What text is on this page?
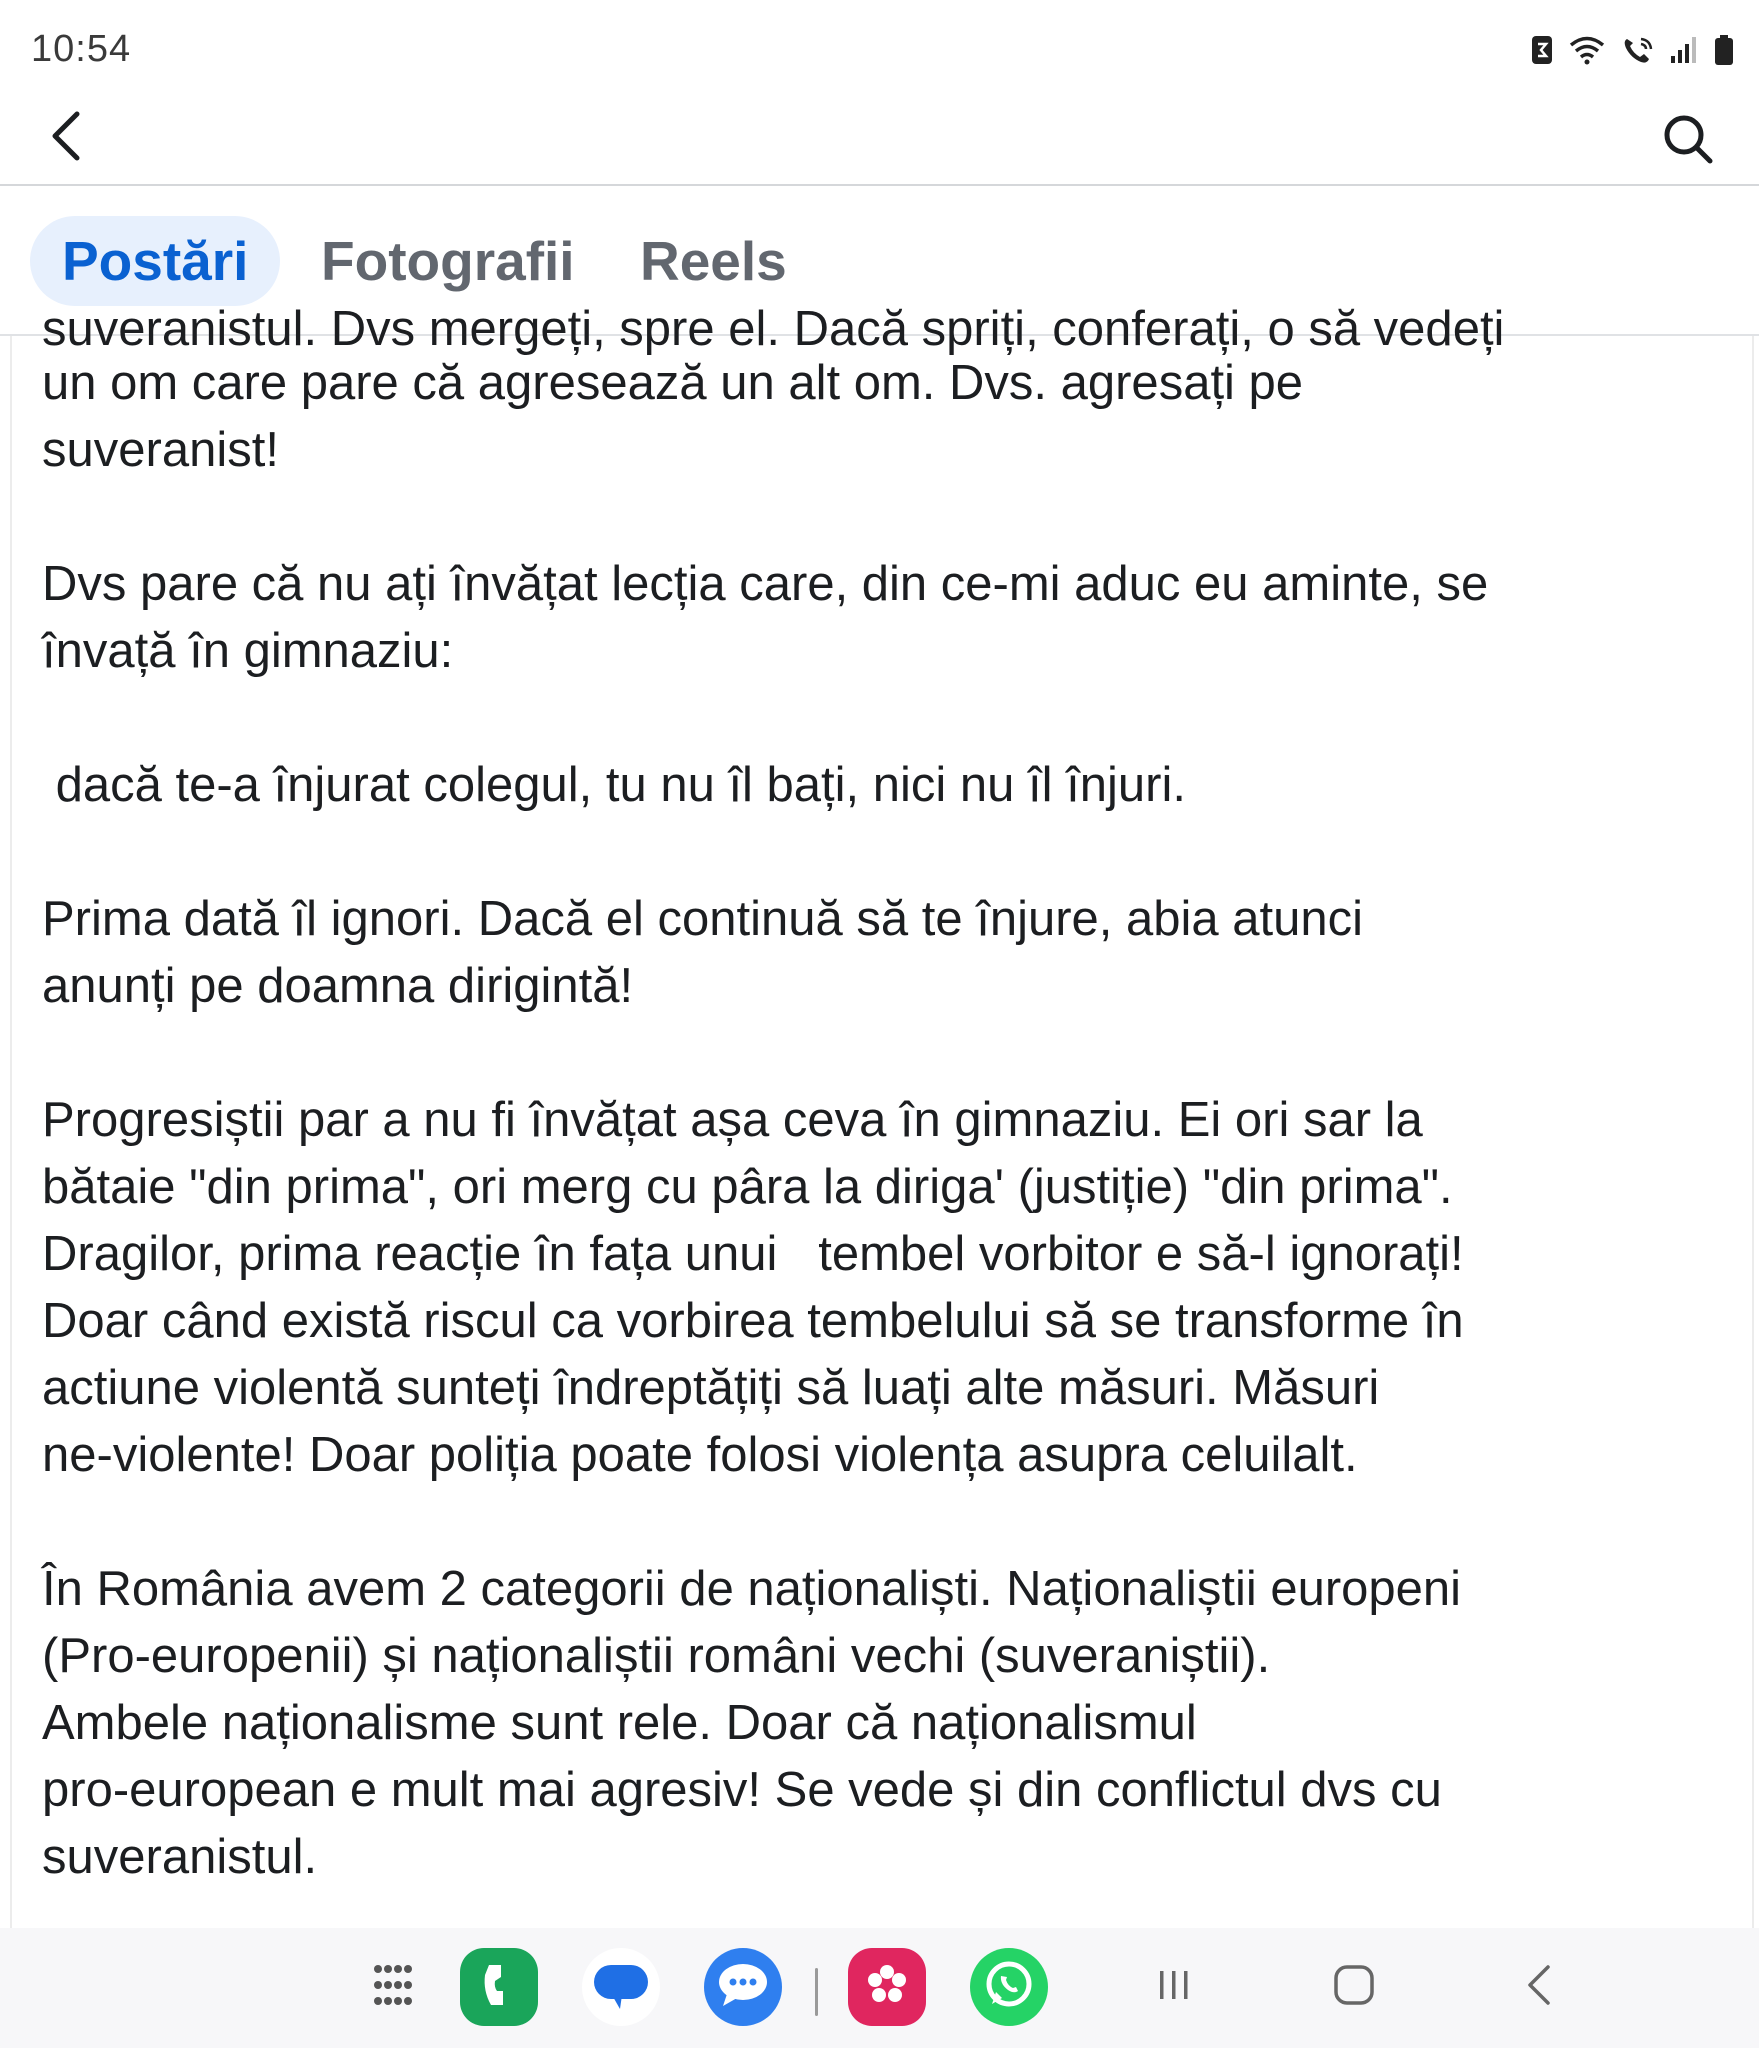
10:54
Postări	Fotografii Reels
suveranistul. Dvs mergeți, spre el. Dacă spriți, conferați, o să vedeți

un om care pare că agresează un alt om. Dvs. agresați pe
suveranist!

Dvs pare că nu ați învățat lecția care, din ce-mi aduc eu aminte, se
învață în gimnaziu:

dacă te-a înjurat colegul, tu nu îl bați, nici nu îl înjuri.

Prima dată îl ignori. Dacă el continuă să te înjure, abia atunci
anunți pe doamna dirigintă!

Progresiștii par a nu fi învățat așa ceva în gimnaziu. Ei ori sar la
bătaie "din prima", ori merg cu pâra la diriga' (justiție) "din prima".
Dragilor, prima reacție în fața unui   tembel vorbitor e să-l ignorați!
Doar când există riscul ca vorbirea tembelului să se transforme în
actiune violentă sunteți îndreptățiți să luați alte măsuri. Măsuri
ne-violente! Doar poliția poate folosi violența asupra celuilalt.

În România avem 2 categorii de naționaliști. Naționaliștii europeni
(Pro-europenii) și naționaliștii români vechi (suveraniștii).
Ambele naționalisme sunt rele. Doar că naționalismul
pro-european e mult mai agresiv! Se vede și din conflictul dvs cu
suveranistul.
